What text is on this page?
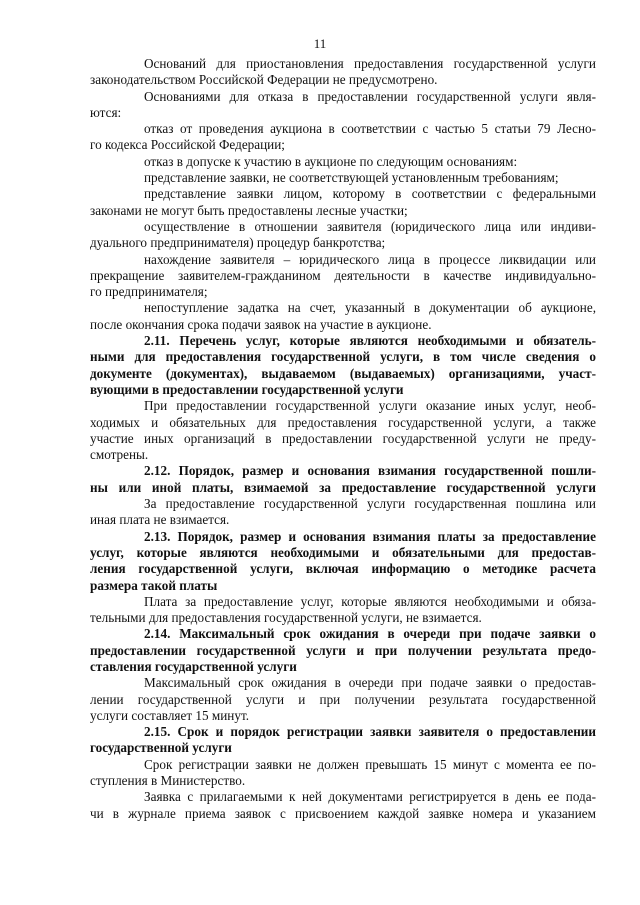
11
Оснований для приостановления предоставления государственной услуги
законодательством Российской Федерации не предусмотрено.
Основаниями для отказа в предоставлении государственной услуги явля-
ются:
отказ от проведения аукциона в соответствии с частью 5 статьи 79 Лесно-
го кодекса Российской Федерации;
отказ в допуске к участию в аукционе по следующим основаниям:
представление заявки, не соответствующей установленным требованиям;
представление заявки лицом, которому в соответствии с федеральными
законами не могут быть предоставлены лесные участки;
осуществление в отношении заявителя (юридического лица или индиви-
дуального предпринимателя) процедур банкротства;
нахождение заявителя – юридического лица в процессе ликвидации или
прекращение заявителем-гражданином деятельности в качестве индивидуально-
го предпринимателя;
непоступление задатка на счет, указанный в документации об аукционе,
после окончания срока подачи заявок на участие в аукционе.
2.11. Перечень услуг, которые являются необходимыми и обязатель-
ными для предоставления государственной услуги, в том числе сведения о
документе (документах), выдаваемом (выдаваемых) организациями, участ-
вующими в предоставлении государственной услуги
При предоставлении государственной услуги оказание иных услуг, необ-
ходимых и обязательных для предоставления государственной услуги, а также
участие иных организаций в предоставлении государственной услуги не преду-
смотрены.
2.12. Порядок, размер и основания взимания государственной пошли-
ны или иной платы, взимаемой за предоставление государственной услуги
За предоставление государственной услуги государственная пошлина или
иная плата не взимается.
2.13. Порядок, размер и основания взимания платы за предоставление
услуг, которые являются необходимыми и обязательными для предостав-
ления государственной услуги, включая информацию о методике расчета
размера такой платы
Плата за предоставление услуг, которые являются необходимыми и обяза-
тельными для предоставления государственной услуги, не взимается.
2.14. Максимальный срок ожидания в очереди при подаче заявки о
предоставлении государственной услуги и при получении результата предо-
ставления государственной услуги
Максимальный срок ожидания в очереди при подаче заявки о предостав-
лении государственной услуги и при получении результата государственной
услуги составляет 15 минут.
2.15. Срок и порядок регистрации заявки заявителя о предоставлении
государственной услуги
Срок регистрации заявки не должен превышать 15 минут с момента ее по-
ступления в Министерство.
Заявка с прилагаемыми к ней документами регистрируется в день ее пода-
чи в журнале приема заявок с присвоением каждой заявке номера и указанием
